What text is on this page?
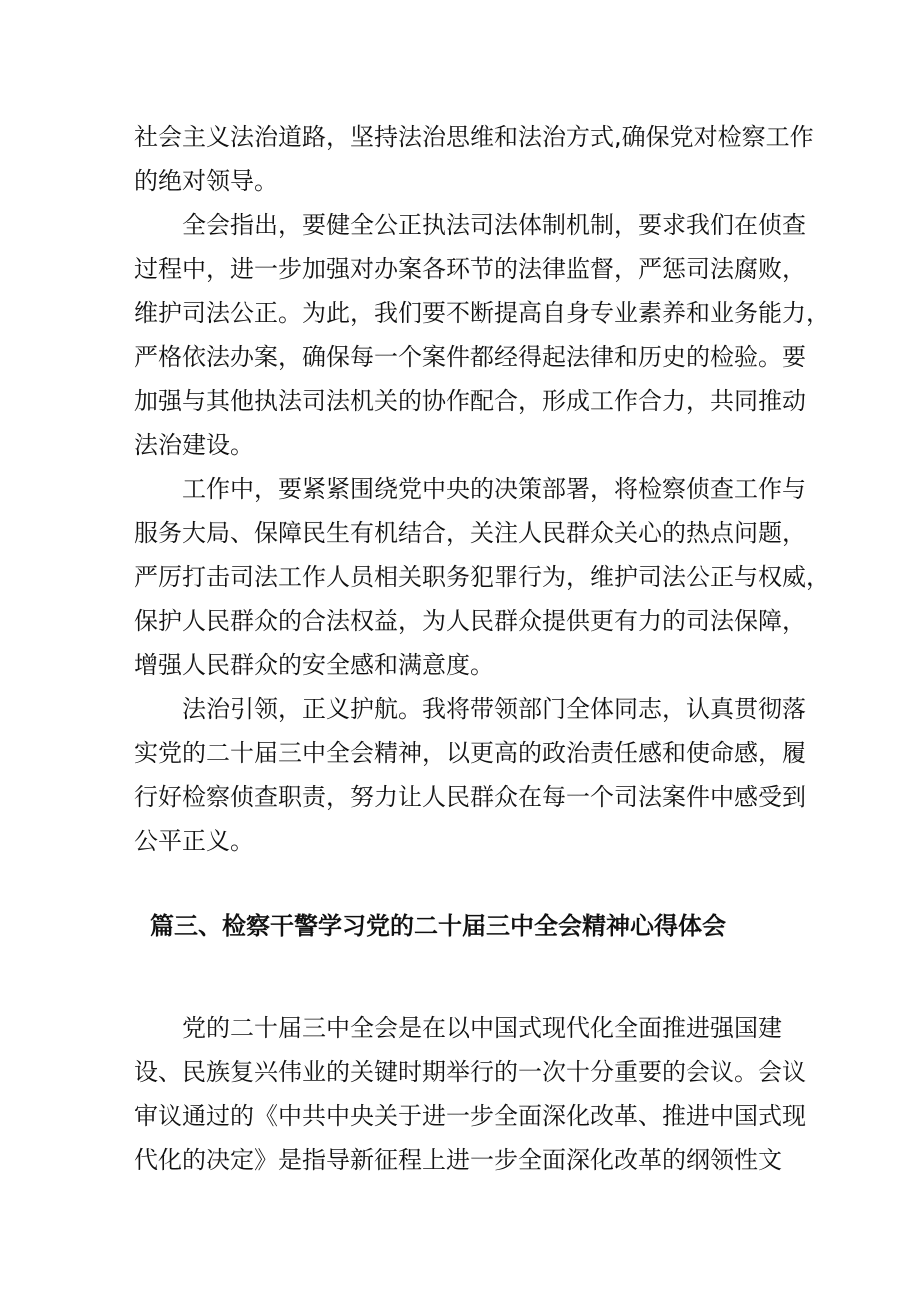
社会主义法治道路，坚持法治思维和法治方式,确保党对检察工作
的绝对领导。
全会指出，要健全公正执法司法体制机制，要求我们在侦查
过程中，进一步加强对办案各环节的法律监督，严惩司法腐败，
维护司法公正。为此，我们要不断提高自身专业素养和业务能力，
严格依法办案，确保每一个案件都经得起法律和历史的检验。要
加强与其他执法司法机关的协作配合，形成工作合力，共同推动
法治建设。
工作中，要紧紧围绕党中央的决策部署，将检察侦查工作与
服务大局、保障民生有机结合，关注人民群众关心的热点问题，
严厉打击司法工作人员相关职务犯罪行为，维护司法公正与权威，
保护人民群众的合法权益，为人民群众提供更有力的司法保障，
增强人民群众的安全感和满意度。
法治引领，正义护航。我将带领部门全体同志，认真贯彻落
实党的二十届三中全会精神，以更高的政治责任感和使命感，履
行好检察侦查职责，努力让人民群众在每一个司法案件中感受到
公平正义。
篇三、检察干警学习党的二十届三中全会精神心得体会
党的二十届三中全会是在以中国式现代化全面推进强国建
设、民族复兴伟业的关键时期举行的一次十分重要的会议。会议
审议通过的《中共中央关于进一步全面深化改革、推进中国式现
代化的决定》是指导新征程上进一步全面深化改革的纲领性文
